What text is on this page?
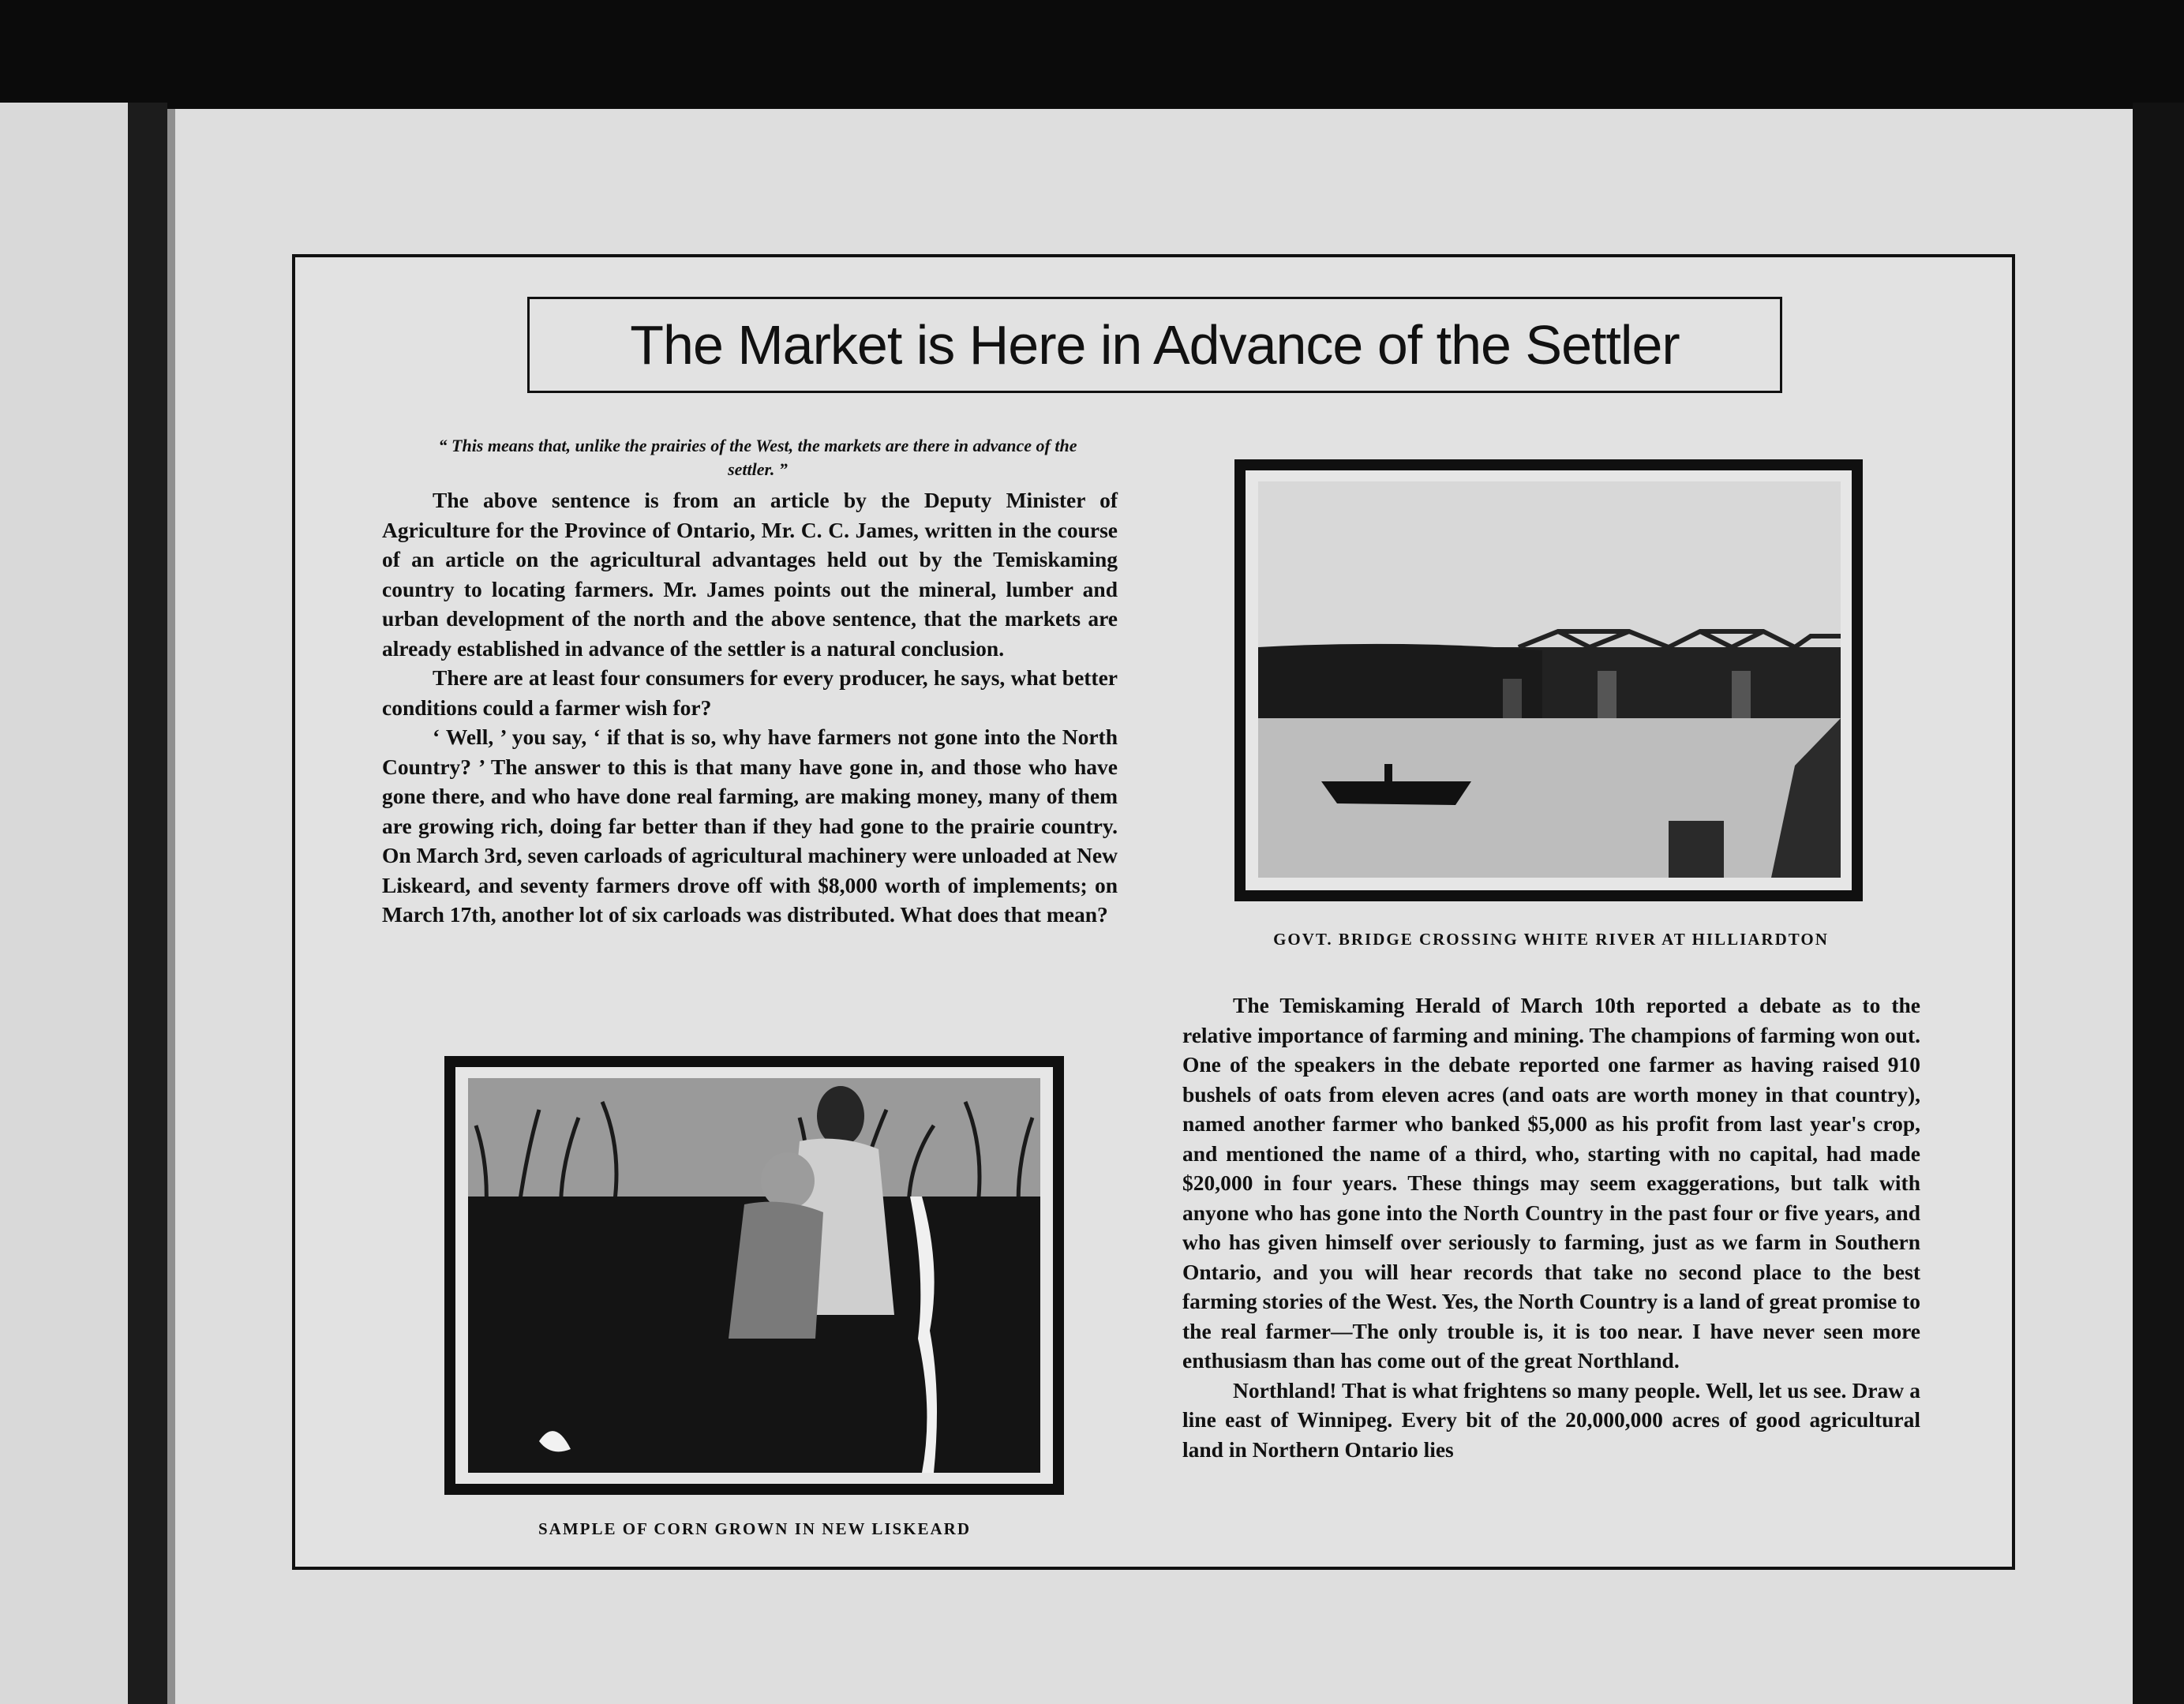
The Market is Here in Advance of the Settler
“ This means that, unlike the prairies of the West, the markets are there in advance of the settler. ”

The above sentence is from an article by the Deputy Minister of Agriculture for the Province of Ontario, Mr. C. C. James, written in the course of an article on the agricultural advantages held out by the Temiskaming country to locating farmers. Mr. James points out the mineral, lumber and urban development of the north and the above sentence, that the markets are already established in advance of the settler is a natural conclusion.

There are at least four consumers for every producer, he says, what better conditions could a farmer wish for?

‘ Well, ’ you say, ‘ if that is so, why have farmers not gone into the North Country? ’ The answer to this is that many have gone in, and those who have gone there, and who have done real farming, are making money, many of them are growing rich, doing far better than if they had gone to the prairie country. On March 3rd, seven carloads of agricultural machinery were unloaded at New Liskeard, and seventy farmers drove off with $8,000 worth of implements; on March 17th, another lot of six carloads was distributed. What does that mean?

GOVT. BRIDGE CROSSING WHITE RIVER AT HILLIARDTON

The Temiskaming Herald of March 10th reported a debate as to the relative importance of farming and mining. The champions of farming won out. One of the speakers in the debate reported one farmer as having raised 910 bushels of oats from eleven acres (and oats are worth money in that country), named another farmer who banked $5,000 as his profit from last year's crop, and mentioned the name of a third, who, starting with no capital, had made $20,000 in four years. These things may seem exaggerations, but talk with anyone who has gone into the North Country in the past four or five years, and who has given himself over seriously to farming, just as we farm in Southern Ontario, and you will hear records that take no second place to the best farming stories of the West. Yes, the North Country is a land of great promise to the real farmer—The only trouble is, it is too near. I have never seen more enthusiasm than has come out of the great Northland.

Northland! That is what frightens so many people. Well, let us see. Draw a line east of Winnipeg. Every bit of the 20,000,000 acres of good agricultural land in Northern Ontario lies

SAMPLE OF CORN GROWN IN NEW LISKEARD
